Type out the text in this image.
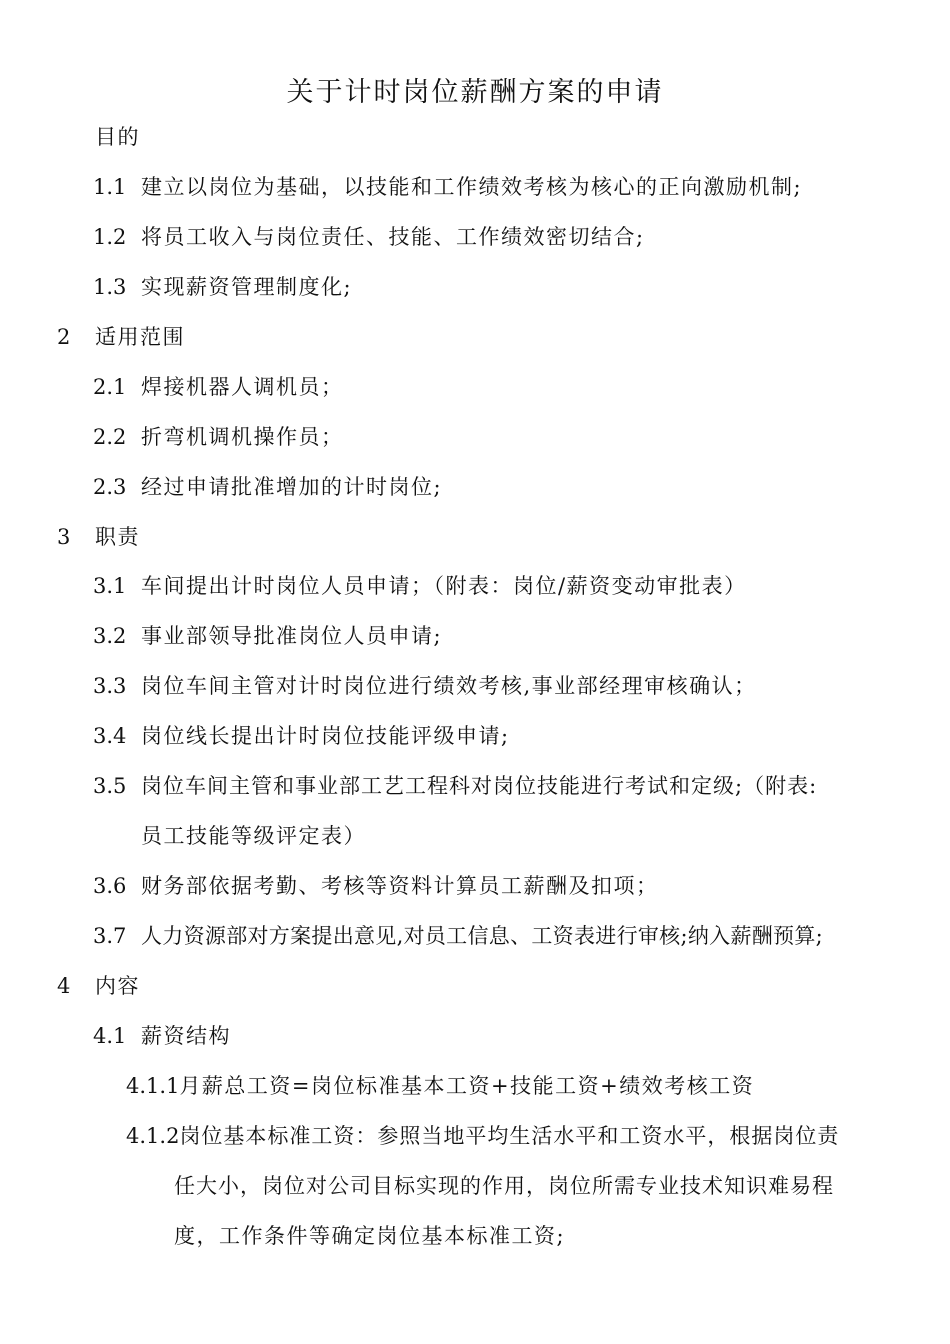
关于计时岗位薪酬方案的申请
目的
1.1 建立以岗位为基础，以技能和工作绩效考核为核心的正向激励机制;
1.2 将员工收入与岗位责任、技能、工作绩效密切结合;
1.3 实现薪资管理制度化;
2 适用范围
2.1 焊接机器人调机员；
2.2 折弯机调机操作员；
2.3 经过申请批准增加的计时岗位;
3 职责
3.1 车间提出计时岗位人员申请；（附表：岗位/薪资变动审批表）
3.2 事业部领导批准岗位人员申请;
3.3 岗位车间主管对计时岗位进行绩效考核,事业部经理审核确认；
3.4 岗位线长提出计时岗位技能评级申请;
3.5 岗位车间主管和事业部工艺工程科对岗位技能进行考试和定级;（附表:
员工技能等级评定表）
3.6 财务部依据考勤、考核等资料计算员工薪酬及扣项；
3.7 人力资源部对方案提出意见,对员工信息、工资表进行审核;纳入薪酬预算;
4 内容
4.1 薪资结构
4.1.1月薪总工资=岗位标准基本工资+技能工资+绩效考核工资
4.1.2岗位基本标准工资：参照当地平均生活水平和工资水平，根据岗位责
任大小，岗位对公司目标实现的作用，岗位所需专业技术知识难易程
度，工作条件等确定岗位基本标准工资;
